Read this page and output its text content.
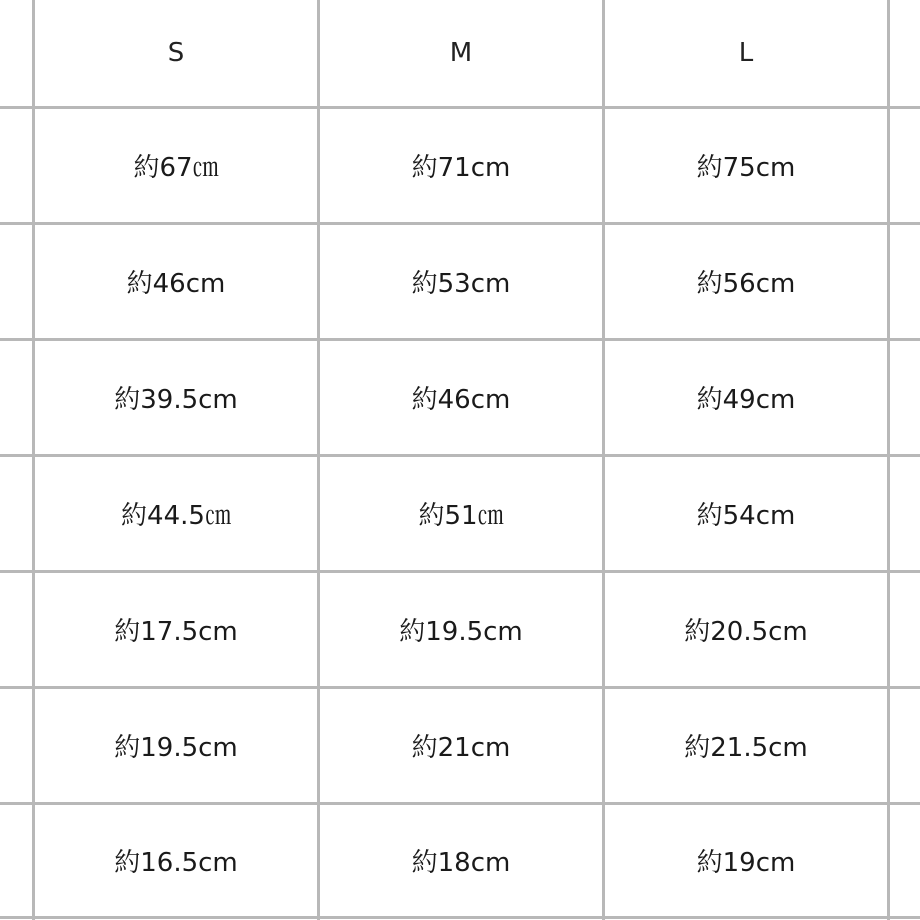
S	M	L
約67㎝	約71cm	約75cm
約46cm	約53cm	約56cm
約39.5cm	約46cm	約49cm
約44.5㎝	約51㎝	約54cm
約17.5cm	約19.5cm	約20.5cm
約19.5cm	約21cm	約21.5cm
約16.5cm	約18cm	約19cm
